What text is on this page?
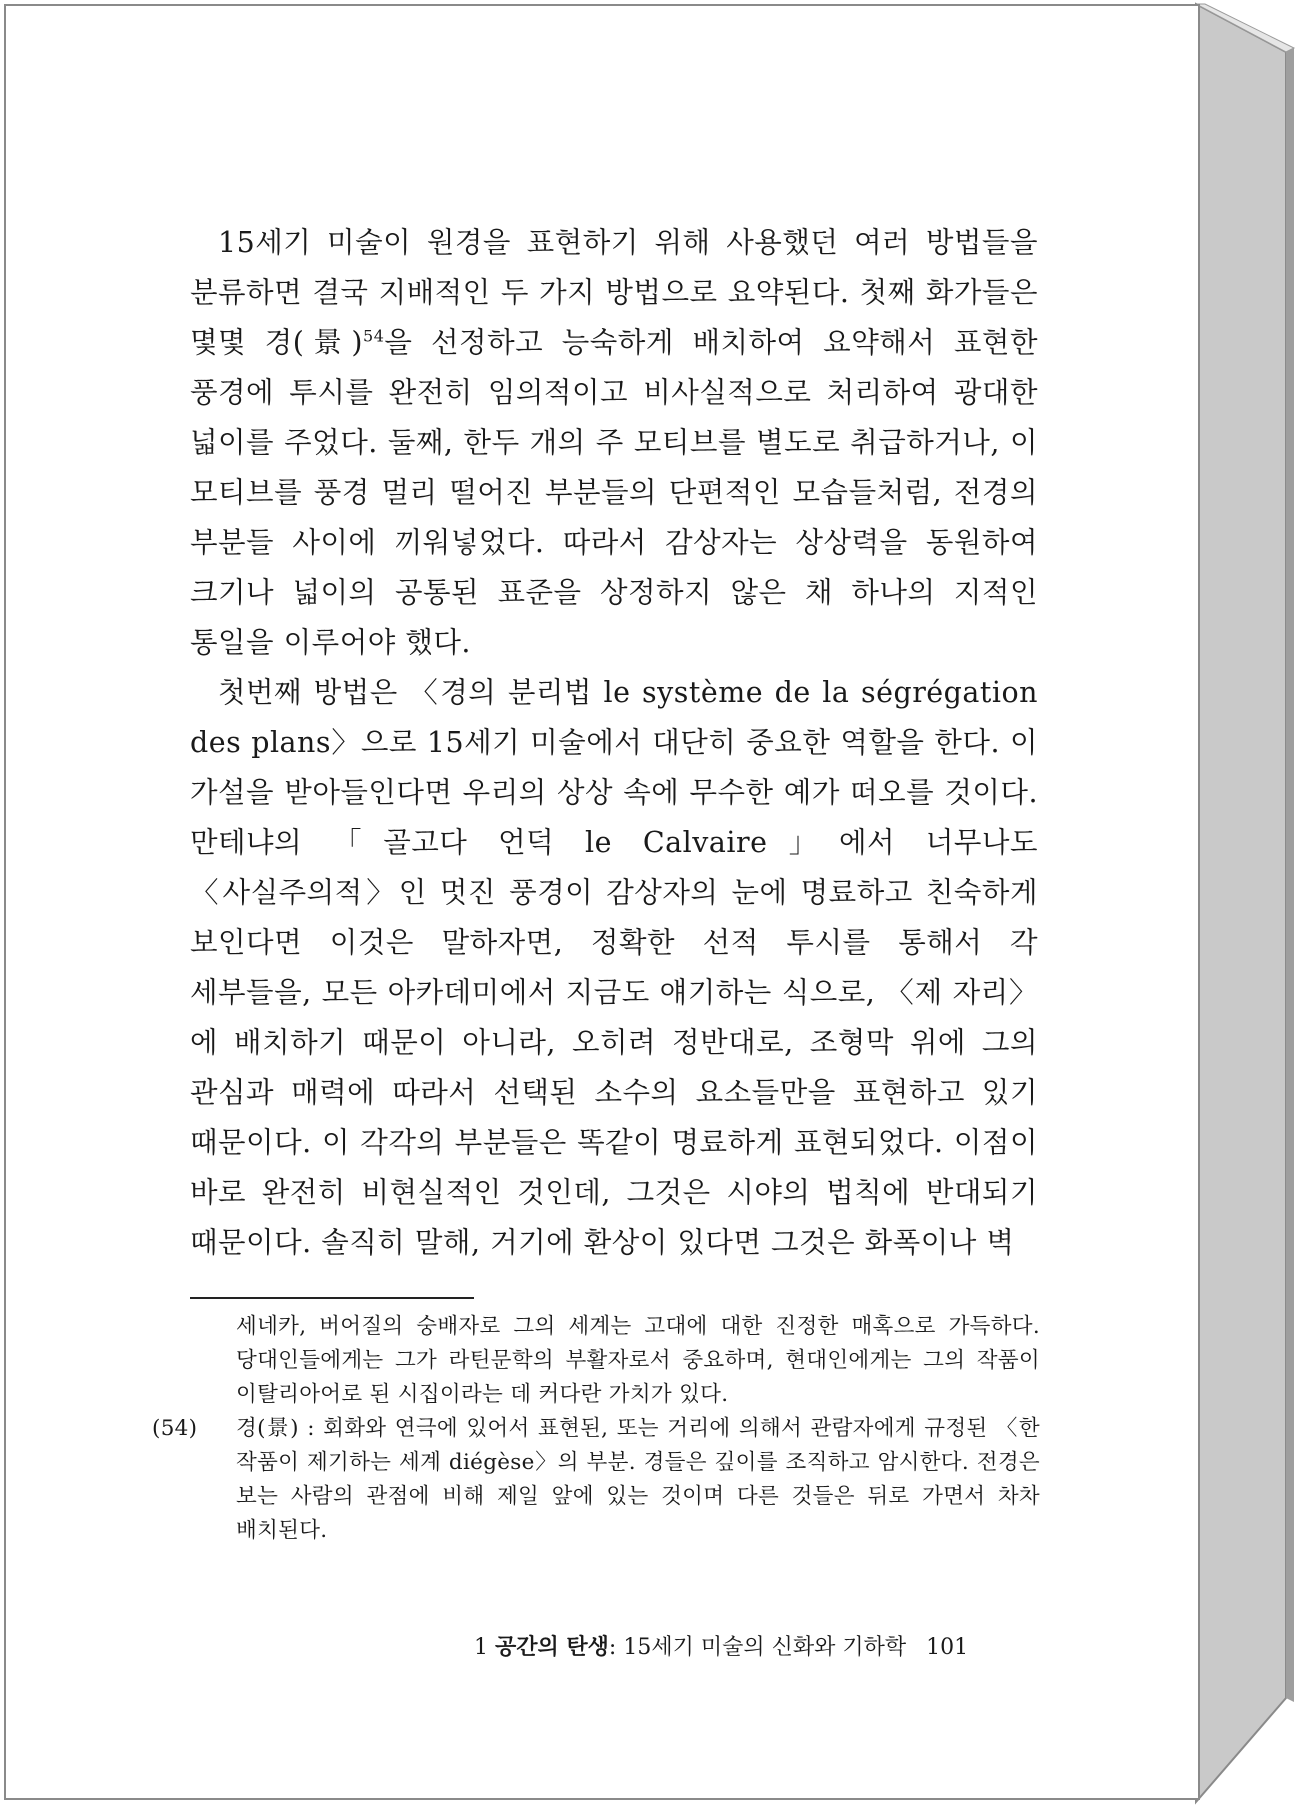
15세기 미술이 원경을 표현하기 위해 사용했던 여러 방법들을 분류하면 결국 지배적인 두 가지 방법으로 요약된다. 첫째 화가들은 몇몇 경(景)$^{54}$을 선정하고 능숙하게 배치하여 요약해서 표현한 풍경에 투시를 완전히 임의적이고 비사실적으로 처리하여 광대한 넓이를 주었다. 둘째, 한두 개의 주 모티브를 별도로 취급하거나, 이 모티브를 풍경 멀리 떨어진 부분들의 단편적인 모습들처럼, 전경의 부분들 사이에 끼워넣었다. 따라서 감상자는 상상력을 동원하여 크기나 넓이의 공통된 표준을 상정하지 않은 채 하나의 지적인 통일을 이루어야 했다.

첫번째 방법은 〈경의 분리법 le système de la ségrégation des plans〉으로 15세기 미술에서 대단히 중요한 역할을 한다. 이 가설을 받아들인다면 우리의 상상 속에 무수한 예가 떠오를 것이다. 만테냐의 「골고다 언덕 le Calvaire」에서 너무나도 〈사실주의적〉인 멋진 풍경이 감상자의 눈에 명료하고 친숙하게 보인다면 이것은 말하자면, 정확한 선적 투시를 통해서 각 세부들을, 모든 아카데미에서 지금도 얘기하는 식으로, 〈제 자리〉에 배치하기 때문이 아니라, 오히려 정반대로, 조형막 위에 그의 관심과 매력에 따라서 선택된 소수의 요소들만을 표현하고 있기 때문이다. 이 각각의 부분들은 똑같이 명료하게 표현되었다. 이점이 바로 완전히 비현실적인 것인데, 그것은 시야의 법칙에 반대되기 때문이다. 솔직히 말해, 거기에 환상이 있다면 그것은 화폭이나 벽

세네카, 버어질의 숭배자로 그의 세계는 고대에 대한 진정한 매혹으로 가득하다. 당대인들에게는 그가 라틴문학의 부활자로서 중요하며, 현대인에게는 그의 작품이 이탈리아어로 된 시집이라는 데 커다란 가치가 있다.

(54) 경(景) : 회화와 연극에 있어서 표현된, 또는 거리에 의해서 관람자에게 규정된 〈한 작품이 제기하는 세계 diégèse〉의 부분. 경들은 깊이를 조직하고 암시한다. 전경은 보는 사람의 관점에 비해 제일 앞에 있는 것이며 다른 것들은 뒤로 가면서 차차 배치된다.

1 공간의 탄생: 15세기 미술의 신화와 기하학 101
